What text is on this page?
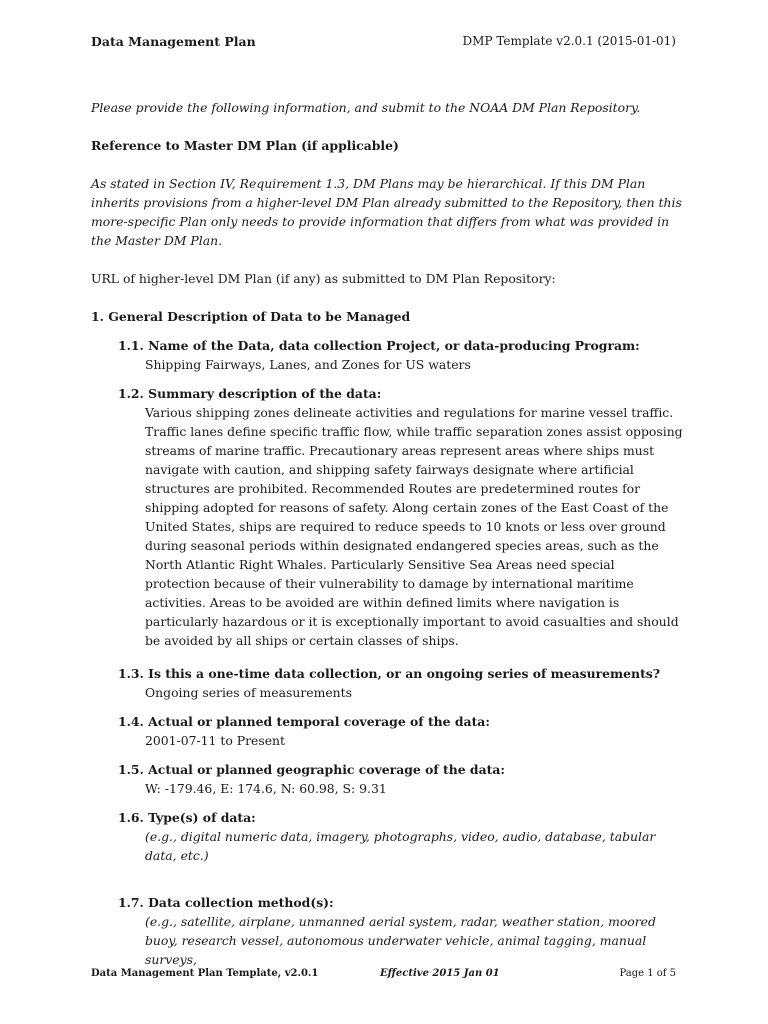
Data Management Plan	DMP Template v2.0.1 (2015-01-01)

Please provide the following information, and submit to the NOAA DM Plan Repository.

Reference to Master DM Plan (if applicable)

As stated in Section IV, Requirement 1.3, DM Plans may be hierarchical. If this DM Plan inherits provisions from a higher-level DM Plan already submitted to the Repository, then this more-specific Plan only needs to provide information that differs from what was provided in the Master DM Plan.

URL of higher-level DM Plan (if any) as submitted to DM Plan Repository:

1. General Description of Data to be Managed
1.1. Name of the Data, data collection Project, or data-producing Program:
Shipping Fairways, Lanes, and Zones for US waters
1.2. Summary description of the data:
Various shipping zones delineate activities and regulations for marine vessel traffic. Traffic lanes define specific traffic flow, while traffic separation zones assist opposing streams of marine traffic. Precautionary areas represent areas where ships must navigate with caution, and shipping safety fairways designate where artificial structures are prohibited. Recommended Routes are predetermined routes for shipping adopted for reasons of safety. Along certain zones of the East Coast of the United States, ships are required to reduce speeds to 10 knots or less over ground during seasonal periods within designated endangered species areas, such as the North Atlantic Right Whales. Particularly Sensitive Sea Areas need special protection because of their vulnerability to damage by international maritime activities. Areas to be avoided are within defined limits where navigation is particularly hazardous or it is exceptionally important to avoid casualties and should be avoided by all ships or certain classes of ships.
1.3. Is this a one-time data collection, or an ongoing series of measurements?
Ongoing series of measurements
1.4. Actual or planned temporal coverage of the data:
2001-07-11 to Present
1.5. Actual or planned geographic coverage of the data:
W: -179.46, E: 174.6, N: 60.98, S: 9.31
1.6. Type(s) of data:
(e.g., digital numeric data, imagery, photographs, video, audio, database, tabular data, etc.)
1.7. Data collection method(s):
(e.g., satellite, airplane, unmanned aerial system, radar, weather station, moored buoy, research vessel, autonomous underwater vehicle, animal tagging, manual surveys,
Data Management Plan Template, v2.0.1	Effective 2015 Jan 01	Page 1 of 5
